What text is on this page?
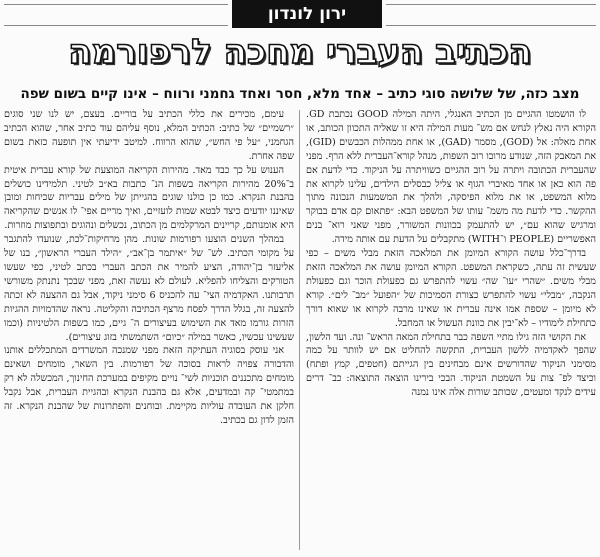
ירון לונדון
הכתיב העברי מחכה לרפורמה
מצב כזה, של שלושה סוגי כתיב – אחד מלא, חסר ואחד גחמני ורווח – אינו קיים בשום שפה

לו הושמטו ההגיים מן הכתיב האנגלי, היתה המילה GOOD נכתבת GD. הקורא היה נאלץ לנחש אם מש־ מעות המילה היא זו שאליה התכוון הכותב, או אחת מאלה: אל (GOD), מסמר (GAD), או אחת ממהלות הכבשים (GID), את המאבק הזה, שנודע מרובו רוב השפות, מנהל קורא־העברית ללא הרף. מפני שהעברית הכתובה ויתרה על רוב ההגיים כשוויתרה על הניקוד. כדי לדעת אם פה הוא כאן או אחד מאיברי הגוף או צליל כבסלים הילדים, עלינו לקרוא את מלוא המשפט, או את מלוא הפיסקה, ולהלך את המשמעות הנכונה מתוך ההקשר. כדי לדעת מה משמ־ עותו של המשפט הבא: ״פתאום קם אדם בבוקר ומרגיש שהוא עם״, יש להתעמק בכוונות המשורר, מפני שאני רוא־ בנים האפשריים (PEOPLE ו־WITH) מתקבלים על הדעת עם אותה מידה.

בדרך־כלל עושה הקורא המיומן את המלאכה הזאת מבלי משים – כפי שעשית זה עתה, כשקראת המשפט. הקורא המיומן עושה את המלאכה הזאת מבלי משים. ״שהרי ״עו־ שה״ עשוי להתפרש גם כפעולת הוכר וגם כפעולת הנקבה, ״מבלי״ עשוי להתפרש כצורת הסמיכות של ״הפועל ״מב־ לים״. קורא לא מיומן – שספת אמו אינה עברית או שאינו מרבה לקרוא או שאוא דורך כתחילת לימודיו – לא־יבין את כוונת העשול או המחבל.

את הקושי הזה גילו מתיי השפה כבר בתחילת המאה הראש־ ונה. ועד הלשון, שהפך לאקדמיה ללשון העברית, התקשה להחליט אם יש לוותר על כמה מסימני הניקוד שהדורשים אינם מבחינים בין הגייתם (חטפים, קמץ ופתח) וכיצד לפ־ צות על השמטת הניקוד. הבכי בירינו הוצאה התוצאה: כב־ דרים עידים לנקד ומעטים, שכותב שורות אלה אינו נמנה

עימם, מכירים את כללי הכתיב על בוריים. בעצם, יש לנו שני סוגים ״רשמיים״ של כתיב: הכתיב המלא, נוסף עליהם עוד כתיב אחר, שהוא הכתיב הגחמני, ״על פי החש״, שהוא הרווח. למיטב ידיעתי אין תופעה כזאת בשום שפה אחרת.

הענוש על כך כבד מאד. מהירות הקריאה המוצעת של קורא עברית איטית ב־20% מהירות הקריאה בשפות הנ־ כתבות בא״ב לטיני. תלמידינו כושלים בהבנת הנקרא. כמו כן כולנו שוגים בהגייתן של מילים עבריות שכיחות ומובן שאיננו יודעים כיצד לבטא שמות לועזיים, ואיך מריים אפי־ לו אנשים שהקריאה היא אומנותם, קריינים המרקלמים מן הכתוב, נכשלים ונהוגים ובתפוצות מוזרות.

במהלך השנים הוצעו רפורמות שונות. מהן מרחיקות־לכת, שנועדו להתגבר על מקומי הכתיב. לש־ של ״איתמר בן־אב״, ״הילד העברי הראשון״, בנו של אליעזר בן־יהודה, הציע להמיר את הכתב העברי בכתב לטיני, כפי שעשו הטורקים והצליחו להפליא. לעולם לא נעשה זאת, מפני שבכך נתנתק משורשי תרבותנו. האקדמיה הצי־ עה להכניס 6 סימני ניקוד, אבל גם ההצעה לא זכתה להצעה זה, בגלל הדרך לפסח מרצף הכתיבה והקליטה. נראה שהדמויות ההגיות הזרות גורמו מאד את השימוש בעיצורים ה־ גיים, כמו בשפות הלטיניות (וכמו שעשינו עכשיו, כאשר במילה ״כיום״ השתמשתי בזוג עיצורים).

אני עוסק בסוגיה העתיקה הזאת מפני שמנכה המשרדים המתכללים אותנו והדבורה צפויה לראות בסוכה של רפורמות. בין השאר, מומחים ושאינם מומחים מתכננים תוכניות לשי־ נויים מקיפים במערכת החינוך, המכשלה לא רק במתמטי־ קה ובמדעים, אלא גם בהבנת הנקרא ובהגיית העברית, אבל נקבל חלקן את העובדה עוליות מקיימת. ובוחנים והפתרונות של שהבנת הנקרא. זה הזמן לדון גם בכתיב.
